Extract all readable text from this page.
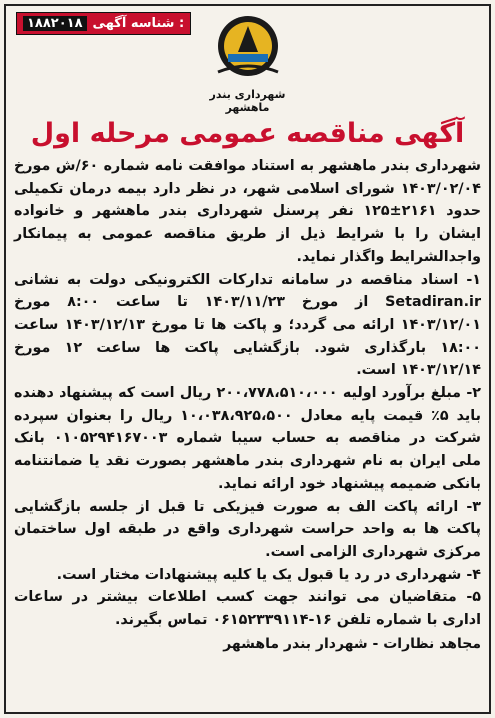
۱۸۸۲۰۱۸ شناسه آگهی :
شهرداری بندر ماهشهر
آگهی مناقصه عمومی مرحله اول

شهرداری بندر ماهشهر به استناد موافقت نامه شماره ۶۰/ش مورخ ۱۴۰۳/۰۲/۰۴ شورای اسلامی شهر، در نظر دارد بیمه درمان تکمیلی حدود ۲۱۶۱±۱۲۵ نفر پرسنل شهرداری بندر ماهشهر و خانواده ایشان را با شرایط ذیل از طریق مناقصه عمومی به پیمانکار واجدالشرایط واگذار نماید.

۱- اسناد مناقصه در سامانه تدارکات الکترونیکی دولت به نشانی Setadiran.ir از مورخ ۱۴۰۳/۱۱/۲۳ تا ساعت ۸:۰۰ مورخ ۱۴۰۳/۱۲/۰۱ ارائه می گردد؛ و پاکت ها تا مورخ ۱۴۰۳/۱۲/۱۳ ساعت ۱۸:۰۰ بارگذاری شود. بازگشایی پاکت ها ساعت ۱۲ مورخ ۱۴۰۳/۱۲/۱۴ است.

۲- مبلغ برآورد اولیه ۲۰۰،۷۷۸،۵۱۰،۰۰۰ ریال است که پیشنهاد دهنده باید ۵٪ قیمت پایه معادل ۱۰،۰۳۸،۹۲۵،۵۰۰ ریال را بعنوان سپرده شرکت در مناقصه به حساب سیبا شماره ۰۱۰۵۲۹۴۱۶۷۰۰۳ بانک ملی ایران به نام شهرداری بندر ماهشهر بصورت نقد یا ضمانتنامه بانکی ضمیمه پیشنهاد خود ارائه نماید.

۳- ارائه پاکت الف به صورت فیزیکی تا قبل از جلسه بازگشایی پاکت ها به واحد حراست شهرداری واقع در طبقه اول ساختمان مرکزی شهرداری الزامی است.

۴- شهرداری در رد یا قبول یک یا کلیه پیشنهادات مختار است.

۵- متقاضیان می توانند جهت کسب اطلاعات بیشتر در ساعات اداری با شماره تلفن ۱۶-۰۶۱۵۲۳۳۹۱۱۴ تماس بگیرند.

مجاهد نظارات - شهردار بندر ماهشهر
